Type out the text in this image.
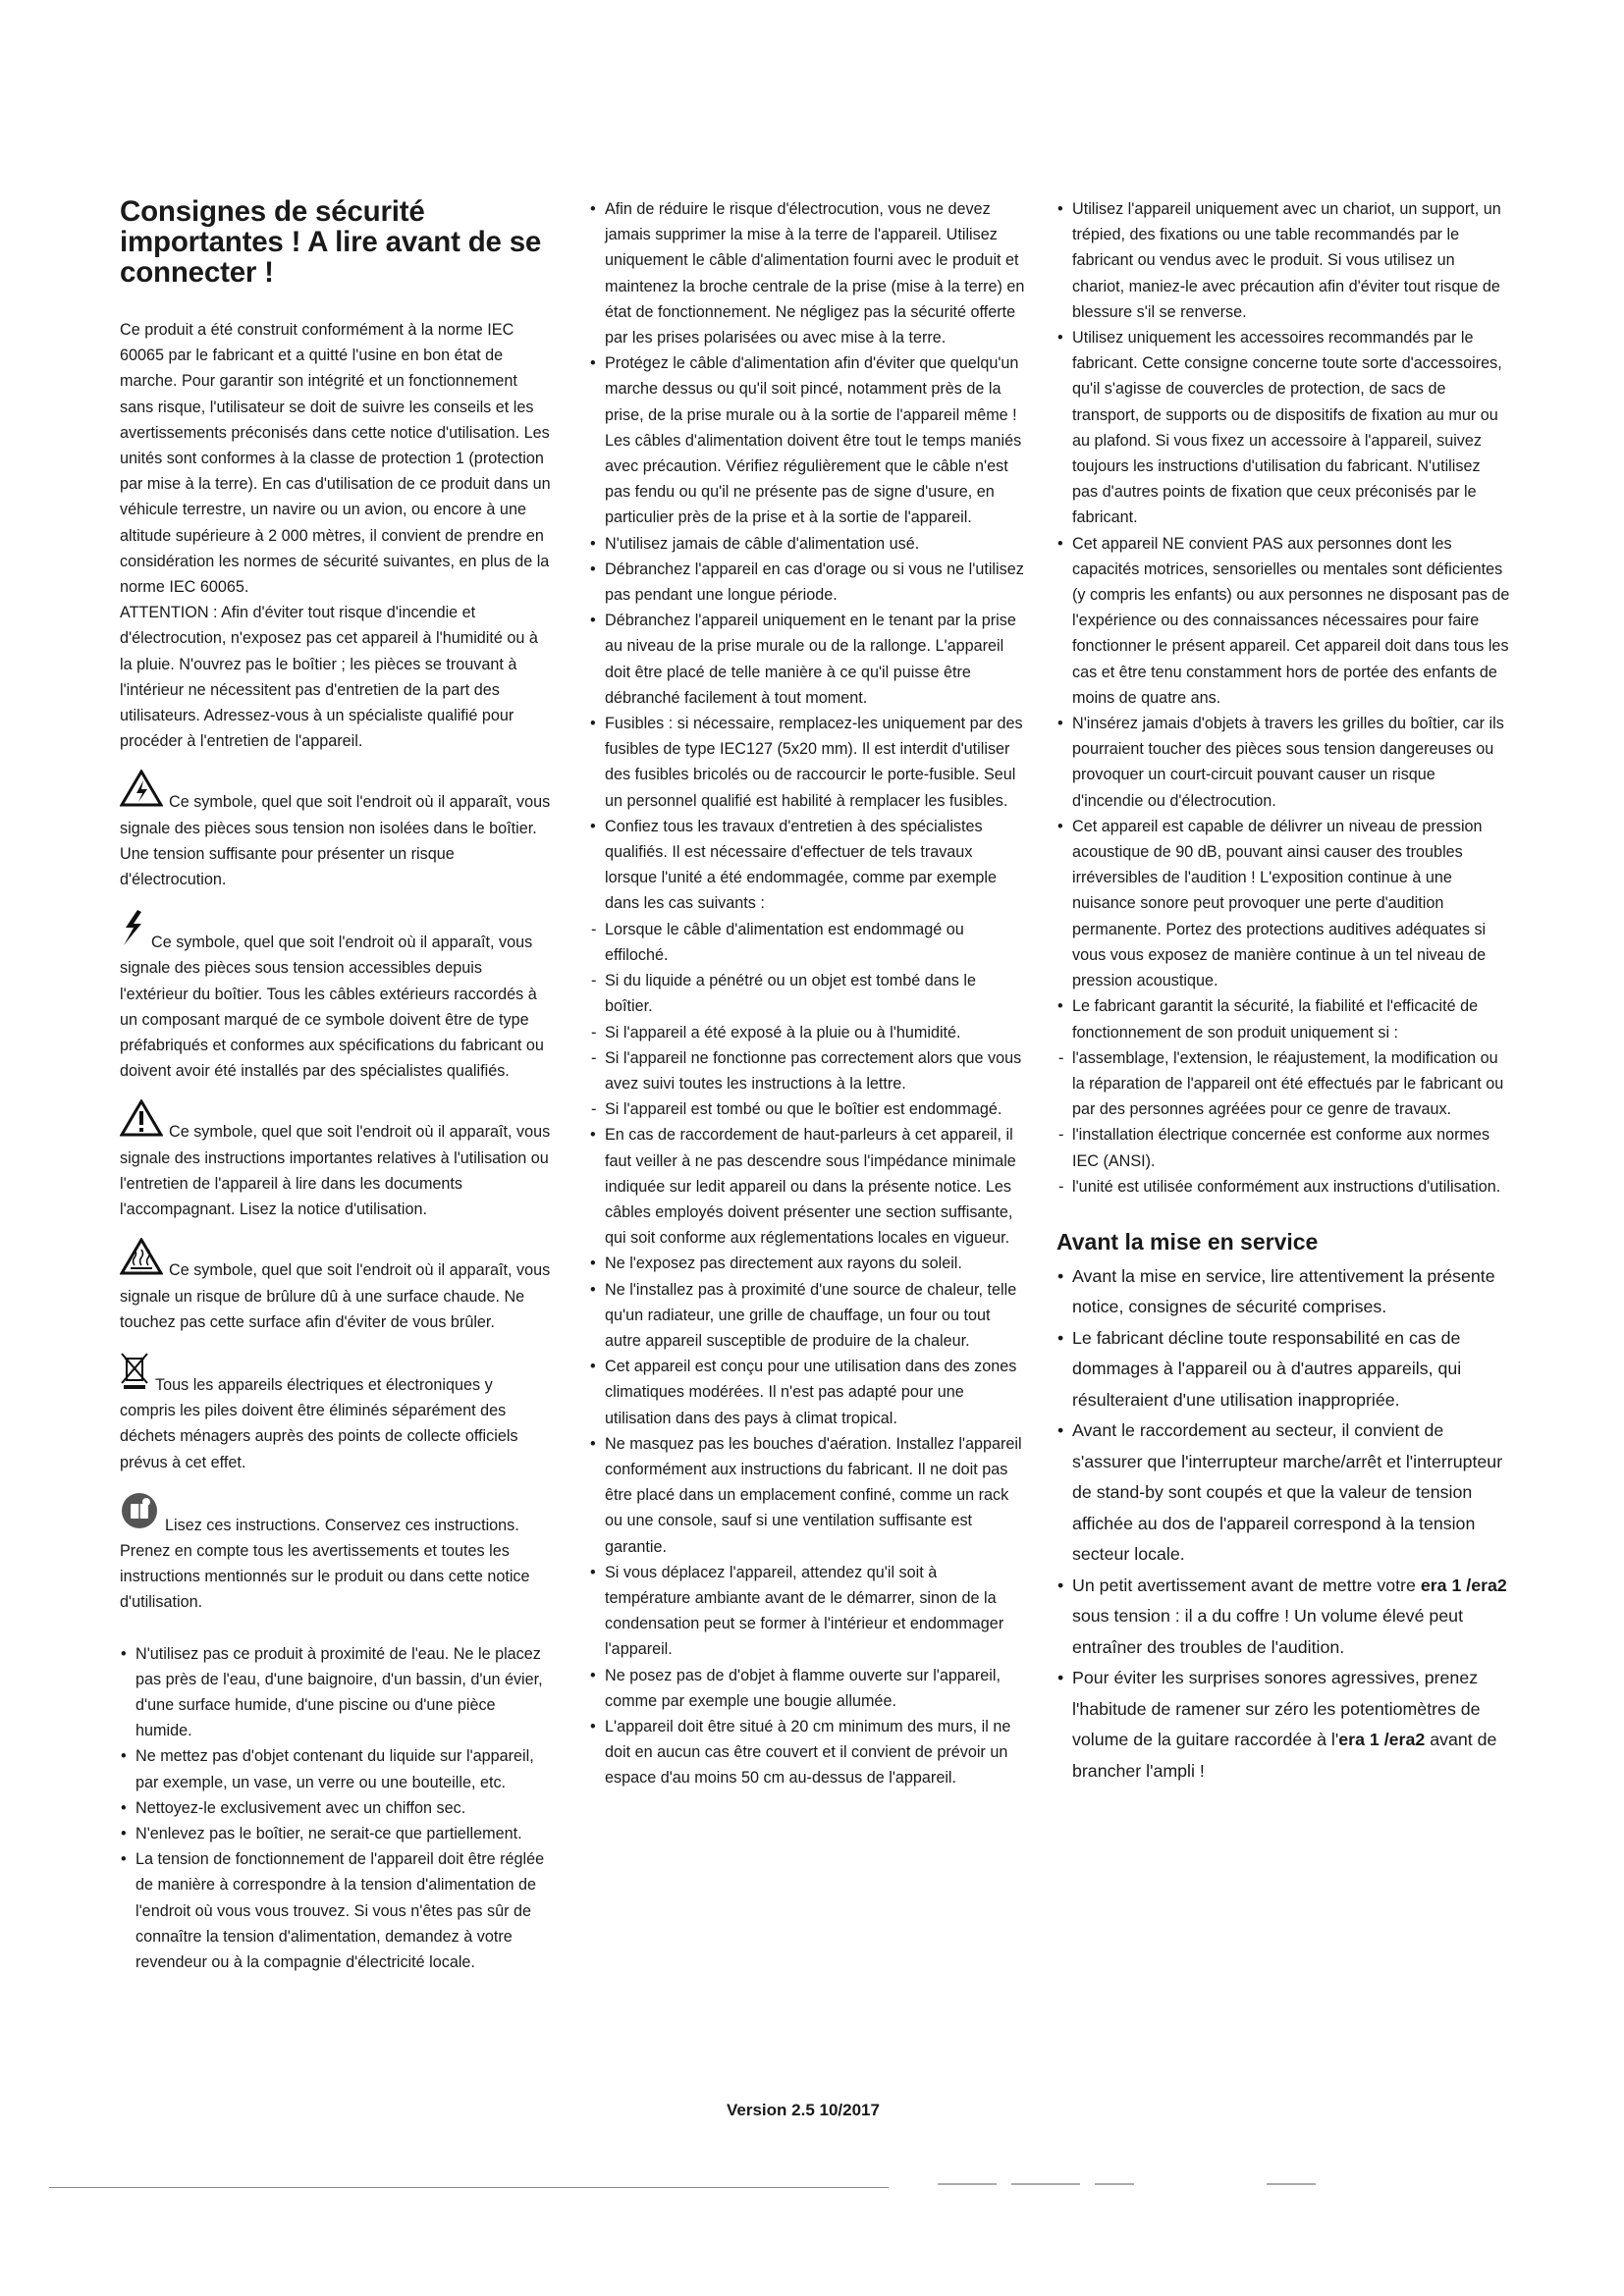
Consignes de sécurité importantes ! A lire avant de se connecter !

Ce produit a été construit conformément à la norme IEC 60065 par le fabricant et a quitté l'usine en bon état de marche. Pour garantir son intégrité et un fonctionnement sans risque, l'utilisateur se doit de suivre les conseils et les avertissements préconisés dans cette notice d'utilisation. Les unités sont conformes à la classe de protection 1 (protection par mise à la terre). En cas d'utilisation de ce produit dans un véhicule terrestre, un navire ou un avion, ou encore à une altitude supérieure à 2 000 mètres, il convient de prendre en considération les normes de sécurité suivantes, en plus de la norme IEC 60065.

ATTENTION : Afin d'éviter tout risque d'incendie et d'électrocution, n'exposez pas cet appareil à l'humidité ou à la pluie. N'ouvrez pas le boîtier ; les pièces se trouvant à l'intérieur ne nécessitent pas d'entretien de la part des utilisateurs. Adressez-vous à un spécialiste qualifié pour procéder à l'entretien de l'appareil.

Ce symbole, quel que soit l'endroit où il apparaît, vous signale des pièces sous tension non isolées dans le boîtier. Une tension suffisante pour présenter un risque d'électrocution.

Ce symbole, quel que soit l'endroit où il apparaît, vous signale des pièces sous tension accessibles depuis l'extérieur du boîtier. Tous les câbles extérieurs raccordés à un composant marqué de ce symbole doivent être de type préfabriqués et conformes aux spécifications du fabricant ou doivent avoir été installés par des spécialistes qualifiés.

Ce symbole, quel que soit l'endroit où il apparaît, vous signale des instructions importantes relatives à l'utilisation ou l'entretien de l'appareil à lire dans les documents l'accompagnant. Lisez la notice d'utilisation.

Ce symbole, quel que soit l'endroit où il apparaît, vous signale un risque de brûlure dû à une surface chaude. Ne touchez pas cette surface afin d'éviter de vous brûler.

Tous les appareils électriques et électroniques y compris les piles doivent être éliminés séparément des déchets ménagers auprès des points de collecte officiels prévus à cet effet.

Lisez ces instructions. Conservez ces instructions. Prenez en compte tous les avertissements et toutes les instructions mentionnés sur le produit ou dans cette notice d'utilisation.

• N'utilisez pas ce produit à proximité de l'eau. Ne le placez pas près de l'eau, d'une baignoire, d'un bassin, d'un évier, d'une surface humide, d'une piscine ou d'une pièce humide.
• Ne mettez pas d'objet contenant du liquide sur l'appareil, par exemple, un vase, un verre ou une bouteille, etc.
• Nettoyez-le exclusivement avec un chiffon sec.
• N'enlevez pas le boîtier, ne serait-ce que partiellement.
• La tension de fonctionnement de l'appareil doit être réglée de manière à correspondre à la tension d'alimentation de l'endroit où vous vous trouvez. Si vous n'êtes pas sûr de connaître la tension d'alimentation, demandez à votre revendeur ou à la compagnie d'électricité locale.
• Afin de réduire le risque d'électrocution, vous ne devez jamais supprimer la mise à la terre de l'appareil. Utilisez uniquement le câble d'alimentation fourni avec le produit et maintenez la broche centrale de la prise (mise à la terre) en état de fonctionnement. Ne négligez pas la sécurité offerte par les prises polarisées ou avec mise à la terre.
• Protégez le câble d'alimentation afin d'éviter que quelqu'un marche dessus ou qu'il soit pincé, notamment près de la prise, de la prise murale ou à la sortie de l'appareil même ! Les câbles d'alimentation doivent être tout le temps maniés avec précaution. Vérifiez régulièrement que le câble n'est pas fendu ou qu'il ne présente pas de signe d'usure, en particulier près de la prise et à la sortie de l'appareil.
• N'utilisez jamais de câble d'alimentation usé.
• Débranchez l'appareil en cas d'orage ou si vous ne l'utilisez pas pendant une longue période.
• Débranchez l'appareil uniquement en le tenant par la prise au niveau de la prise murale ou de la rallonge. L'appareil doit être placé de telle manière à ce qu'il puisse être débranché facilement à tout moment.
• Fusibles : si nécessaire, remplacez-les uniquement par des fusibles de type IEC127 (5x20 mm). Il est interdit d'utiliser des fusibles bricolés ou de raccourcir le porte-fusible. Seul un personnel qualifié est habilité à remplacer les fusibles.
• Confiez tous les travaux d'entretien à des spécialistes qualifiés. Il est nécessaire d'effectuer de tels travaux lorsque l'unité a été endommagée, comme par exemple dans les cas suivants :
- Lorsque le câble d'alimentation est endommagé ou effiloché.
- Si du liquide a pénétré ou un objet est tombé dans le boîtier.
- Si l'appareil a été exposé à la pluie ou à l'humidité.
- Si l'appareil ne fonctionne pas correctement alors que vous avez suivi toutes les instructions à la lettre.
- Si l'appareil est tombé ou que le boîtier est endommagé.
• En cas de raccordement de haut-parleurs à cet appareil, il faut veiller à ne pas descendre sous l'impédance minimale indiquée sur ledit appareil ou dans la présente notice. Les câbles employés doivent présenter une section suffisante, qui soit conforme aux réglementations locales en vigueur.
• Ne l'exposez pas directement aux rayons du soleil.
• Ne l'installez pas à proximité d'une source de chaleur, telle qu'un radiateur, une grille de chauffage, un four ou tout autre appareil susceptible de produire de la chaleur.
• Cet appareil est conçu pour une utilisation dans des zones climatiques modérées. Il n'est pas adapté pour une utilisation dans des pays à climat tropical.
• Ne masquez pas les bouches d'aération. Installez l'appareil conformément aux instructions du fabricant. Il ne doit pas être placé dans un emplacement confiné, comme un rack ou une console, sauf si une ventilation suffisante est garantie.
• Si vous déplacez l'appareil, attendez qu'il soit à température ambiante avant de le démarrer, sinon de la condensation peut se former à l'intérieur et endommager l'appareil.
• Ne posez pas de d'objet à flamme ouverte sur l'appareil, comme par exemple une bougie allumée.
• L'appareil doit être situé à 20 cm minimum des murs, il ne doit en aucun cas être couvert et il convient de prévoir un espace d'au moins 50 cm au-dessus de l'appareil.
• Utilisez l'appareil uniquement avec un chariot, un support, un trépied, des fixations ou une table recommandés par le fabricant ou vendus avec le produit. Si vous utilisez un chariot, maniez-le avec précaution afin d'éviter tout risque de blessure s'il se renverse.
• Utilisez uniquement les accessoires recommandés par le fabricant. Cette consigne concerne toute sorte d'accessoires, qu'il s'agisse de couvercles de protection, de sacs de transport, de supports ou de dispositifs de fixation au mur ou au plafond. Si vous fixez un accessoire à l'appareil, suivez toujours les instructions d'utilisation du fabricant. N'utilisez pas d'autres points de fixation que ceux préconisés par le fabricant.
• Cet appareil NE convient PAS aux personnes dont les capacités motrices, sensorielles ou mentales sont déficientes (y compris les enfants) ou aux personnes ne disposant pas de l'expérience ou des connaissances nécessaires pour faire fonctionner le présent appareil. Cet appareil doit dans tous les cas et être tenu constamment hors de portée des enfants de moins de quatre ans.
• N'insérez jamais d'objets à travers les grilles du boîtier, car ils pourraient toucher des pièces sous tension dangereuses ou provoquer un court-circuit pouvant causer un risque d'incendie ou d'électrocution.
• Cet appareil est capable de délivrer un niveau de pression acoustique de 90 dB, pouvant ainsi causer des troubles irréversibles de l'audition ! L'exposition continue à une nuisance sonore peut provoquer une perte d'audition permanente. Portez des protections auditives adéquates si vous vous exposez de manière continue à un tel niveau de pression acoustique.
• Le fabricant garantit la sécurité, la fiabilité et l'efficacité de fonctionnement de son produit uniquement si :
- l'assemblage, l'extension, le réajustement, la modification ou la réparation de l'appareil ont été effectués par le fabricant ou par des personnes agréées pour ce genre de travaux.
- l'installation électrique concernée est conforme aux normes IEC (ANSI).
- l'unité est utilisée conformément aux instructions d'utilisation.
Avant la mise en service
• Avant la mise en service, lire attentivement la présente notice, consignes de sécurité comprises.
• Le fabricant décline toute responsabilité en cas de dommages à l'appareil ou à d'autres appareils, qui résulteraient d'une utilisation inappropriée.
• Avant le raccordement au secteur, il convient de s'assurer que l'interrupteur marche/arrêt et l'interrupteur de stand-by sont coupés et que la valeur de tension affichée au dos de l'appareil correspond à la tension secteur locale.
• Un petit avertissement avant de mettre votre era 1 /era2 sous tension : il a du coffre ! Un volume élevé peut entraîner des troubles de l'audition.
• Pour éviter les surprises sonores agressives, prenez l'habitude de ramener sur zéro les potentiomètres de volume de la guitare raccordée à l'era 1 /era2 avant de brancher l'ampli !
Version 2.5 10/2017
